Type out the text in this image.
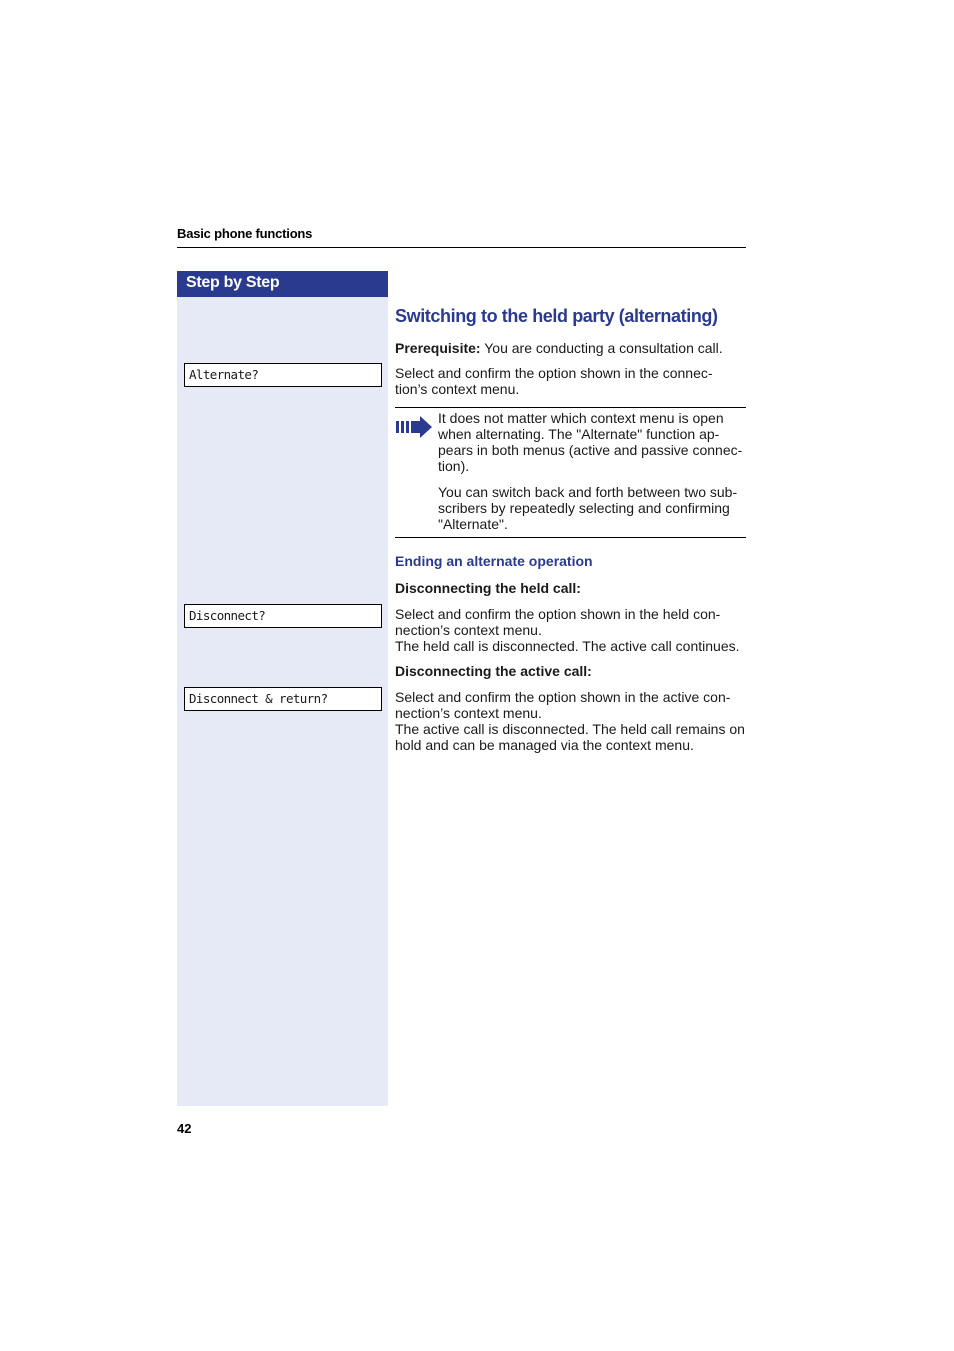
Basic phone functions
Step by Step
Alternate?
Disconnect?
Disconnect & return?
Switching to the held party (alternating)
Prerequisite: You are conducting a consultation call.
Select and confirm the option shown in the connec-
tion’s context menu.
It does not matter which context menu is open
when alternating. The "Alternate" function ap-
pears in both menus (active and passive connec-
tion).
You can switch back and forth between two sub-
scribers by repeatedly selecting and confirming
"Alternate".
Ending an alternate operation
Disconnecting the held call:
Select and confirm the option shown in the held con-
nection’s context menu.
The held call is disconnected. The active call continues.
Disconnecting the active call:
Select and confirm the option shown in the active con-
nection’s context menu.
The active call is disconnected. The held call remains on
hold and can be managed via the context menu.
42
